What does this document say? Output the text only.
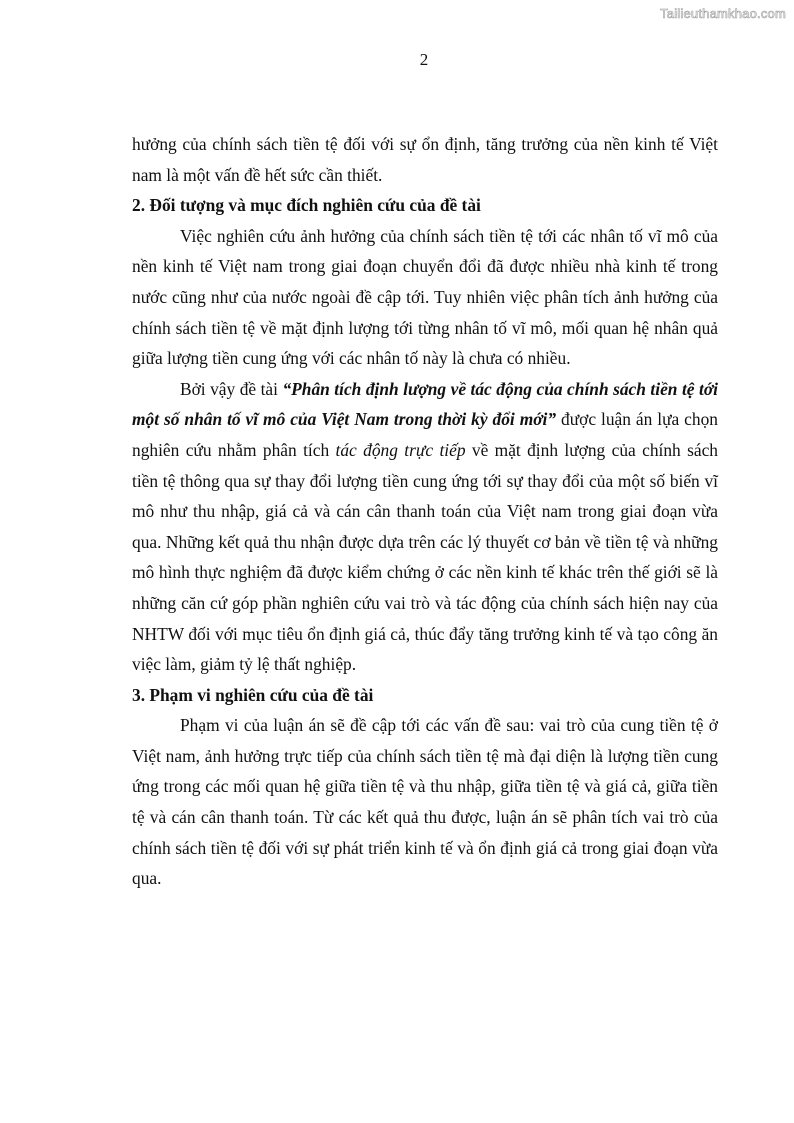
Tailieuthamkhao.com
2

hưởng của chính sách tiền tệ đối với sự ổn định, tăng trưởng của nền kinh tế Việt nam là một vấn đề hết sức cần thiết.

2. Đối tượng và mục đích nghiên cứu của đề tài

Việc nghiên cứu ảnh hưởng của chính sách tiền tệ tới các nhân tố vĩ mô của nền kinh tế Việt nam trong giai đoạn chuyển đổi đã được nhiều nhà kinh tế trong nước cũng như của nước ngoài đề cập tới. Tuy nhiên việc phân tích ảnh hưởng của chính sách tiền tệ về mặt định lượng tới từng nhân tố vĩ mô, mối quan hệ nhân quả giữa lượng tiền cung ứng với các nhân tố này là chưa có nhiều.

Bởi vậy đề tài “Phân tích định lượng về tác động của chính sách tiền tệ tới một số nhân tố vĩ mô của Việt Nam trong thời kỳ đổi mới” được luận án lựa chọn nghiên cứu nhằm phân tích tác động trực tiếp về mặt định lượng của chính sách tiền tệ thông qua sự thay đổi lượng tiền cung ứng tới sự thay đổi của một số biến vĩ mô như thu nhập, giá cả và cán cân thanh toán của Việt nam trong giai đoạn vừa qua. Những kết quả thu nhận được dựa trên các lý thuyết cơ bản về tiền tệ và những mô hình thực nghiệm đã được kiểm chứng ở các nền kinh tế khác trên thế giới sẽ là những căn cứ góp phần nghiên cứu vai trò và tác động của chính sách hiện nay của NHTW đối với mục tiêu ổn định giá cả, thúc đẩy tăng trưởng kinh tế và tạo công ăn việc làm, giảm tỷ lệ thất nghiệp.

3. Phạm vi nghiên cứu của đề tài

Phạm vi của luận án sẽ đề cập tới các vấn đề sau: vai trò của cung tiền tệ ở Việt nam, ảnh hưởng trực tiếp của chính sách tiền tệ mà đại diện là lượng tiền cung ứng trong các mối quan hệ giữa tiền tệ và thu nhập, giữa tiền tệ và giá cả, giữa tiền tệ và cán cân thanh toán. Từ các kết quả thu được, luận án sẽ phân tích vai trò của chính sách tiền tệ đối với sự phát triển kinh tế và ổn định giá cả trong giai đoạn vừa qua.
